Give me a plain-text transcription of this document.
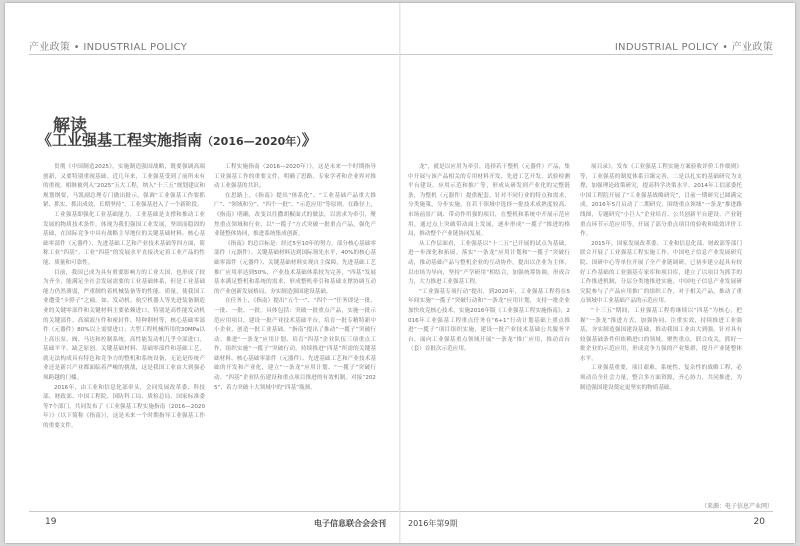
产业政策 • INDUSTRIAL POLICY
解读
《工业强基工程实施指南（2016—2020年）》

贯彻《中国制造2025》，实施制造强国战略，既要强调高端创新，又要特别重视基础。近几年来，工业强基受到了前所未有的重视，相继被列入“2025”五大工程，纳入“十三五”规划建议和规划纲要，马凯副总理专门做出批示，强调“工业强基工作要抓紧、抓实、抓出成效，长期坚持”，工业强基进入了一个新阶段。

工业强基即强化工业基础能力，工业基础是支撑和推动工业发展的物质技术条件，体现为我们强国工业发展，坚固而稳固的基础，在国际竞争中具有战略主导地位的关键基础材料、核心基础零部件（元器件）、先进基础工艺和产业技术基础等四方面，简称工业“四基”。工业“四基”的发展水平直接决定着工业产品的性能、质量和可靠性。

目前，我国已成为具有重要影响力的工业大国，也形成了较为齐全、能满足全社会发展需要的工业基础体系，但是工业基础能力仍然薄弱，严重制约着机械装备等的性能、质量，使我国工业遭受“卡脖子”之痛。如，发动机、航空机器人等先进装备制造业的关键零部件和关键材料主要依赖进口，特别是高性能发动机的关键部件、高端液压件和密封件、特种钢材等，核心基础零部件（元器件）80%以上需要进口；大型工程机械所用的30MPa以上高压泵、阀、马达和控制系统，高性能发动机几乎全部进口，基础平平、缺乏原创，关键基础材料、基础零部件和基础工艺，就无法构成具有特色和竞争力的整机和系统设备，无论是传统产业还是新兴产业都面临着严峻的挑战，这是我国工业由大到强必须跨越的门槛。

2016年，由工业和信息化部牵头，会同发展改革委、科技部、财政部、中国工程院、国防科工局、质检总局、国家标准委等7个部门，共同发布了《工业强基工程实施指南（2016—2020年）》（以下简称《指南》），这是未来一个时期指导工业强基工作的重要文件。

工程实施指南（2016—2020年）》。这是未来一个时期指导工业强基工作的重要文件，明确了思路、专家学者和企业界对推动工业强基的共识。

在思路上，《指南》提出“体系化”、“工业基础产品重大推广”、“领域和分”、“四个一批”、“示范应用”等原则。在路径上，《指南》明确，改变以往撒胡椒面式的做法，以需求为牵引，聚焦重点领域和行业，以“一揽子”方式突破一批重点产品，强化产业链整体协同，推进系统集成创新。

《指南》的总目标是：经过5至10年的努力，部分核心基础零部件（元器件）、关键基础材料达到国际领先水平，40%的核心基础零部件（元器件）、关键基础材料实现自主保障，先进基础工艺推广应用率达到50%，产业技术基础体系较为完善，“四基”发展基本满足整机和系统的需求，形成整机牵引和基础支撑协调互动的产业创新发展格局，夯实制造强国建设基础。

在任务上，《指南》提出“五个一”、“四个一”任务即是一批、一批、一批、一批。具体包括：突破一批重点产品，实施一批示范应用项目，建设一批产业技术基础平台，培育一批专精特新中小企业，创造一批工业基础。“指南”提出了推动“一揽子”突破行动、推进“一条龙”应用计划、培育“四基”企业队伍三项重点工作，组织实施“一揽子”突破行动，持续推进“四基”所需的关键基础材料、核心基础零部件（元器件）、先进基础工艺和产业技术基础的开发和产业化，建立“一条龙”应用计划、“一揽子”突破行动、“四基”企业队伍建设和重点项目推进的有效机制。对接“2025”，着力突破十大领域中的“四基”瓶颈。

19	电子信息联合会会刊
INDUSTRIAL POLICY • 产业政策

龙”，就是以应用为牵引，选择若干整机（元器件）产品，集中开展与该产品相关的专用材料开发、先进工艺开发、试验检测平台建设、应用示范和推广等，形成从研发到产业化的完整链条，为整机（元器件）提供配套。针对不同行业的特点和需求，分类施策，分步实施，在若干领域中选择一批技术成熟度较高、市场前景广阔、带动作用强的项目，在整机和系统中开展示范应用，通过点上突破带动面上发展，逐步形成“一揽子”推进的格局，推动整个产业链协同发展。

从工作层面看，工业强基以“十二五”已开展的试点为基础，进一步深化和拓展。落实“一条龙”应用计划和“一揽子”突破行动，推动基础产品与整机企业的互动协作。提出以企业为主体，以市场为导向，坚持“产学研用”相结合，加强统筹协调，形成合力，大力推进工业强基工程。

“工业强基专项行动”提出，到2020年，工业强基工程将在5年间实施“一揽子”突破行动和“一条龙”应用计划，支持一批企业加快攻克核心技术，实施2016年版《工业强基工程实施指南》，2016年工业强基工程重点任务在“6+1”行动计划基础上重点推进“一揽子”项目组织实施，建设一批产业技术基础公共服务平台，面向工业强基重点领域开展“一条龙”推广应用，推动首台（套）首批次示范应用。

展目录》，发布《工业强基工程实施方案验收评价工作细则》等，工业强基的制度体系日臻完善，二是以扎实的基础研究为支撑，加强理论政策研究，提高科学决策水平。2014年工信部委托中国工程院开展了“工业强基战略研究”，目前一期研究已圆满完成。2016年5月启动了二期研究，围绕重点领域“一条龙”推进路线图，专题研究“小巨人”企业培育、公共创新平台建设、产业链重点环节示范应用等，开展了部分重点项目的验收和绩效评价工作。

2015年，国家发展改革委、工业和信息化部、财政部等部门联合开展了工业强基工程实施工作。中国电子信息产业发展研究院、国研中心等单位开展了全产业链调研，已初步建立起具有较好工作基础的工业强基专家库和项目库，建立了以项目为抓手的工作推进机制，分层分类地推进实施。中国电子信息产业发展研究院参与了产品应用推广的组织工作，对于相关产品，推动了重点领域中工业基础产品的示范应用。

“十三五”期间，工业强基工程将继续以“四基”为核心，把握“一条龙”推进方式，加强协同、注重实效，持续推进工业强基，夯实制造强国建设基础，推动我国工业由大到强。针对具有较强基础条件但依赖进口的领域，聚焦重点，联合攻关，抓好一批企业的示范应用，形成竞争力强的产业集群，提升产业链整体水平。

工业强基重要，项目艰难，系统性、复杂性的战略工程，必须动员全社会力量，整合多方面资源，齐心协力，共同推进，为制造强国建设奠定更坚实的物质基础。

（来源：电子信息产业网）
2016年第9期	20
